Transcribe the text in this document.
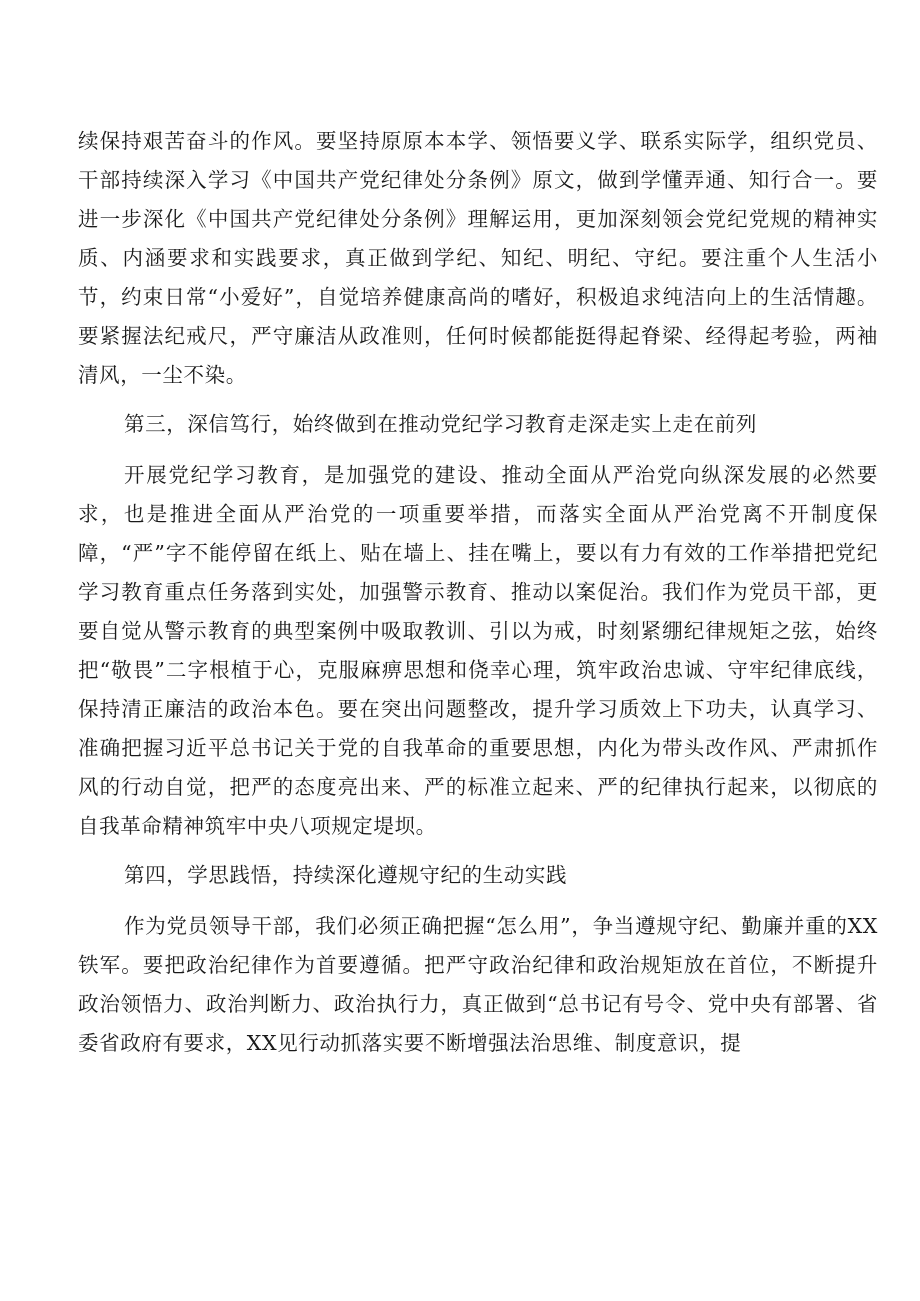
续保持艰苦奋斗的作风。要坚持原原本本学、领悟要义学、联系实际学，组织党员、干部持续深入学习《中国共产党纪律处分条例》原文，做到学懂弄通、知行合一。要进一步深化《中国共产党纪律处分条例》理解运用，更加深刻领会党纪党规的精神实质、内涵要求和实践要求，真正做到学纪、知纪、明纪、守纪。要注重个人生活小节，约束日常“小爱好”，自觉培养健康高尚的嗜好，积极追求纯洁向上的生活情趣。要紧握法纪戒尺，严守廉洁从政准则，任何时候都能挺得起脊梁、经得起考验，两袖清风，一尘不染。

第三，深信笃行，始终做到在推动党纪学习教育走深走实上走在前列

开展党纪学习教育，是加强党的建设、推动全面从严治党向纵深发展的必然要求，也是推进全面从严治党的一项重要举措，而落实全面从严治党离不开制度保障，“严”字不能停留在纸上、贴在墙上、挂在嘴上，要以有力有效的工作举措把党纪学习教育重点任务落到实处，加强警示教育、推动以案促治。我们作为党员干部，更要自觉从警示教育的典型案例中吸取教训、引以为戒，时刻紧绷纪律规矩之弦，始终把“敬畏”二字根植于心，克服麻痹思想和侥幸心理，筑牢政治忠诚、守牢纪律底线，保持清正廉洁的政治本色。要在突出问题整改，提升学习质效上下功夫，认真学习、准确把握习近平总书记关于党的自我革命的重要思想，内化为带头改作风、严肃抓作风的行动自觉，把严的态度亮出来、严的标准立起来、严的纪律执行起来，以彻底的自我革命精神筑牢中央八项规定堤坝。

第四，学思践悟，持续深化遵规守纪的生动实践

作为党员领导干部，我们必须正确把握“怎么用”，争当遵规守纪、勤廉并重的XX铁军。要把政治纪律作为首要遵循。把严守政治纪律和政治规矩放在首位，不断提升政治领悟力、政治判断力、政治执行力，真正做到“总书记有号令、党中央有部署、省委省政府有要求，XX见行动抓落实要不断增强法治思维、制度意识，提
